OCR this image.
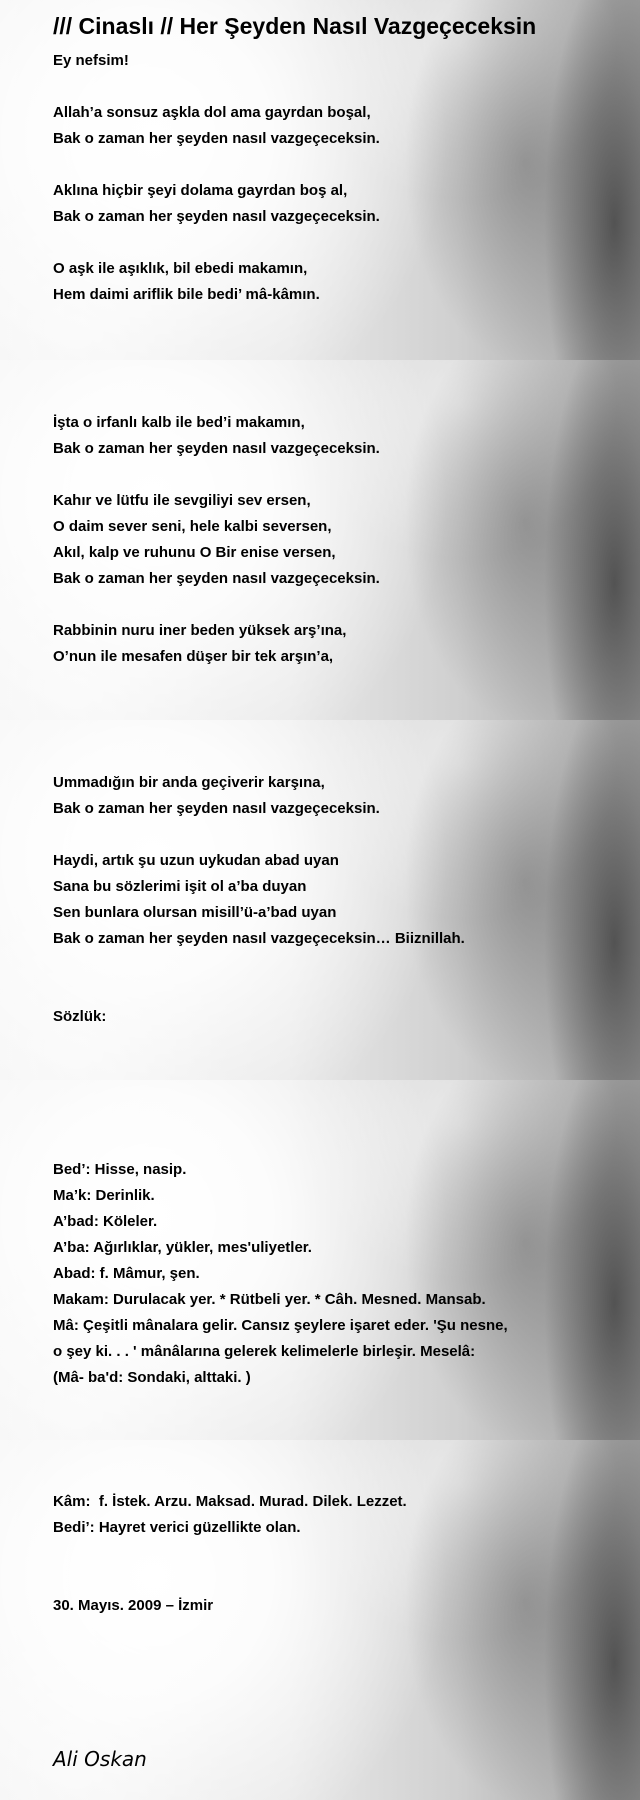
/// Cinaslı // Her Şeyden Nasıl Vazgeçeceksin

Ey nefsim!

Allah’a sonsuz aşkla dol ama gayrdan boşal,
Bak o zaman her şeyden nasıl vazgeçeceksin.

Aklına hiçbir şeyi dolama gayrdan boş al,
Bak o zaman her şeyden nasıl vazgeçeceksin.

O aşk ile aşıklık, bil ebedi makamın,
Hem daimi ariflik bile bedi’ mâ-kâmın.

İşta o irfanlı kalb ile bed’i makamın,
Bak o zaman her şeyden nasıl vazgeçeceksin.

Kahır ve lütfu ile sevgiliyi sev ersen,
O daim sever seni, hele kalbi seversen,
Akıl, kalp ve ruhunu O Bir enise versen,
Bak o zaman her şeyden nasıl vazgeçeceksin.

Rabbinin nuru iner beden yüksek arş’ına,
O’nun ile mesafen düşer bir tek arşın’a,

Ummadığın bir anda geçiverir karşına,
Bak o zaman her şeyden nasıl vazgeçeceksin.

Haydi, artık şu uzun uykudan abad uyan
Sana bu sözlerimi işit ol a’ba duyan
Sen bunlara olursan misill’ü-a’bad uyan
Bak o zaman her şeyden nasıl vazgeçeceksin… Biiznillah.

Sözlük:

Bed’: Hisse, nasip.
Ma’k: Derinlik.
A’bad: Köleler.
A’ba: Ağırlıklar, yükler, mes'uliyetler.
Abad: f. Mâmur, şen.
Makam: Durulacak yer. * Rütbeli yer. * Câh. Mesned. Mansab.
Mâ: Çeşitli mânalara gelir. Cansız şeylere işaret eder. 'Şu nesne,
o şey ki. . . ' mânâlarına gelerek kelimelerle birleşir. Meselâ:
(Mâ- ba'd: Sondaki, alttaki. )

Kâm:  f. İstek. Arzu. Maksad. Murad. Dilek. Lezzet.
Bedi’: Hayret verici güzellikte olan.

30. Mayıs. 2009 – İzmir

Ali Oskan
